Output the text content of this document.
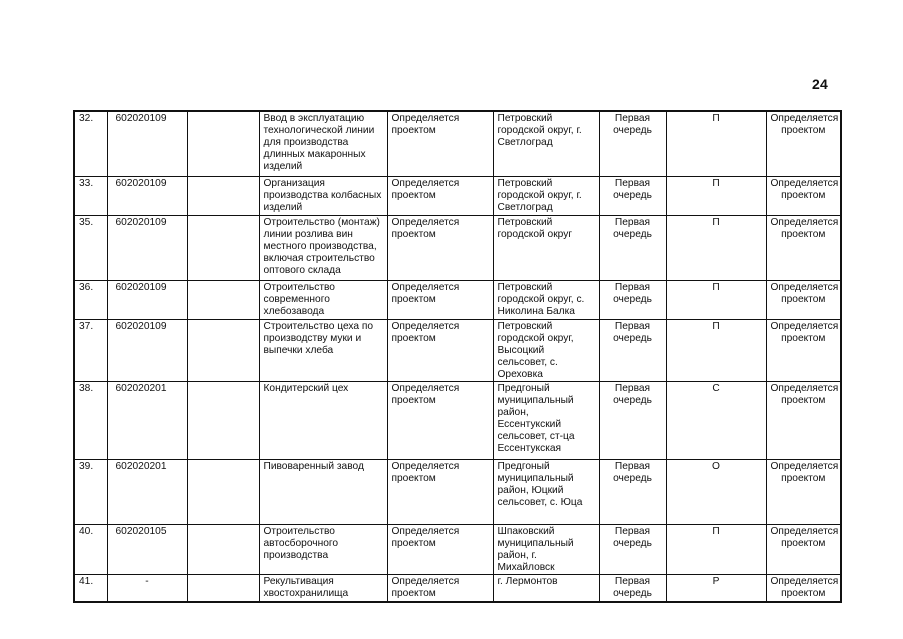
24
32.	602020109		Ввод в эксплуатацию технологической линии для производства длинных макаронных изделий	Определяется проектом	Петровский городской округ, г. Светлоград	Первая очередь	П	Определяется проектом
33.	602020109		Организация производства колбасных изделий	Определяется проектом	Петровский городской округ, г. Светлоград	Первая очередь	П	Определяется проектом
35.	602020109		Отроительство (монтаж) линии розлива вин местного производства, включая строительство оптового склада	Определяется проектом	Петровский городской округ	Первая очередь	П	Определяется проектом
36.	602020109		Отроительство современного хлебозавода	Определяется проектом	Петровский городской округ, с. Николина Балка	Первая очередь	П	Определяется проектом
37.	602020109		Строительство цеха по производству муки и выпечки хлеба	Определяется проектом	Петровский городской округ, Высоцкий сельсовет, с. Ореховка	Первая очередь	П	Определяется проектом
38.	602020201		Кондитерский цех	Определяется проектом	Предгоный муниципальный район, Ессентукский сельсовет, ст-ца Ессентукская	Первая очередь	С	Определяется проектом
39.	602020201		Пивоваренный завод	Определяется проектом	Предгоный муниципальный район, Юцкий сельсовет, с. Юца	Первая очередь	О	Определяется проектом
40.	602020105		Отроительство автосборочного производства	Определяется проектом	Шпаковский муниципальный район, г. Михайловск	Первая очередь	П	Определяется проектом
41.	-		Рекультивация хвостохранилища	Определяется проектом	г. Лермонтов	Первая очередь	Р	Определяется проектом
